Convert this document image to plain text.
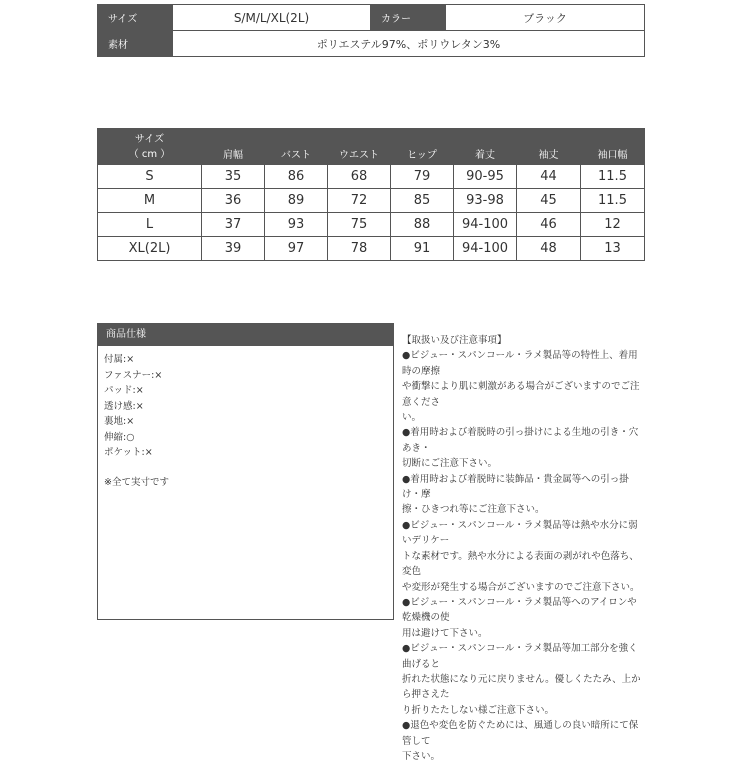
サイズ	S/M/L/XL(2L)	カラー	ブラック
素材	ポリエステル97%、ポリウレタン3%		
サイズ
（ cm ）	肩幅	バスト	ウエスト	ヒップ	着丈	袖丈	袖口幅
S	35	86	68	79	90-95	44	11.5
M	36	89	72	85	93-98	45	11.5
L	37	93	75	88	94-100	46	12
XL(2L)	39	97	78	91	94-100	48	13
商品仕様
付属:×
ファスナー:×
パッド:×
透け感:×
裏地:×
伸縮:○
ポケット:×

※全て実寸です

【取扱い及び注意事項】

●ビジュー・スパンコール・ラメ製品等の特性上、着用時の摩擦

や衝撃により肌に刺激がある場合がございますのでご注意くださ

い。

●着用時および着脱時の引っ掛けによる生地の引き・穴あき・

切断にご注意下さい。

●着用時および着脱時に装飾品・貴金属等への引っ掛け・摩

擦・ひきつれ等にご注意下さい。

●ビジュー・スパンコール・ラメ製品等は熱や水分に弱いデリケー

トな素材です。熱や水分による表面の剥がれや色落ち、変色

や変形が発生する場合がございますのでご注意下さい。

●ビジュー・スパンコール・ラメ製品等へのアイロンや乾燥機の使

用は避けて下さい。

●ビジュー・スパンコール・ラメ製品等加工部分を強く曲げると

折れた状態になり元に戻りません。優しくたたみ、上から押さえた

り折りたたしない様ご注意下さい。

●退色や変色を防ぐためには、風通しの良い暗所にて保管して

下さい。
